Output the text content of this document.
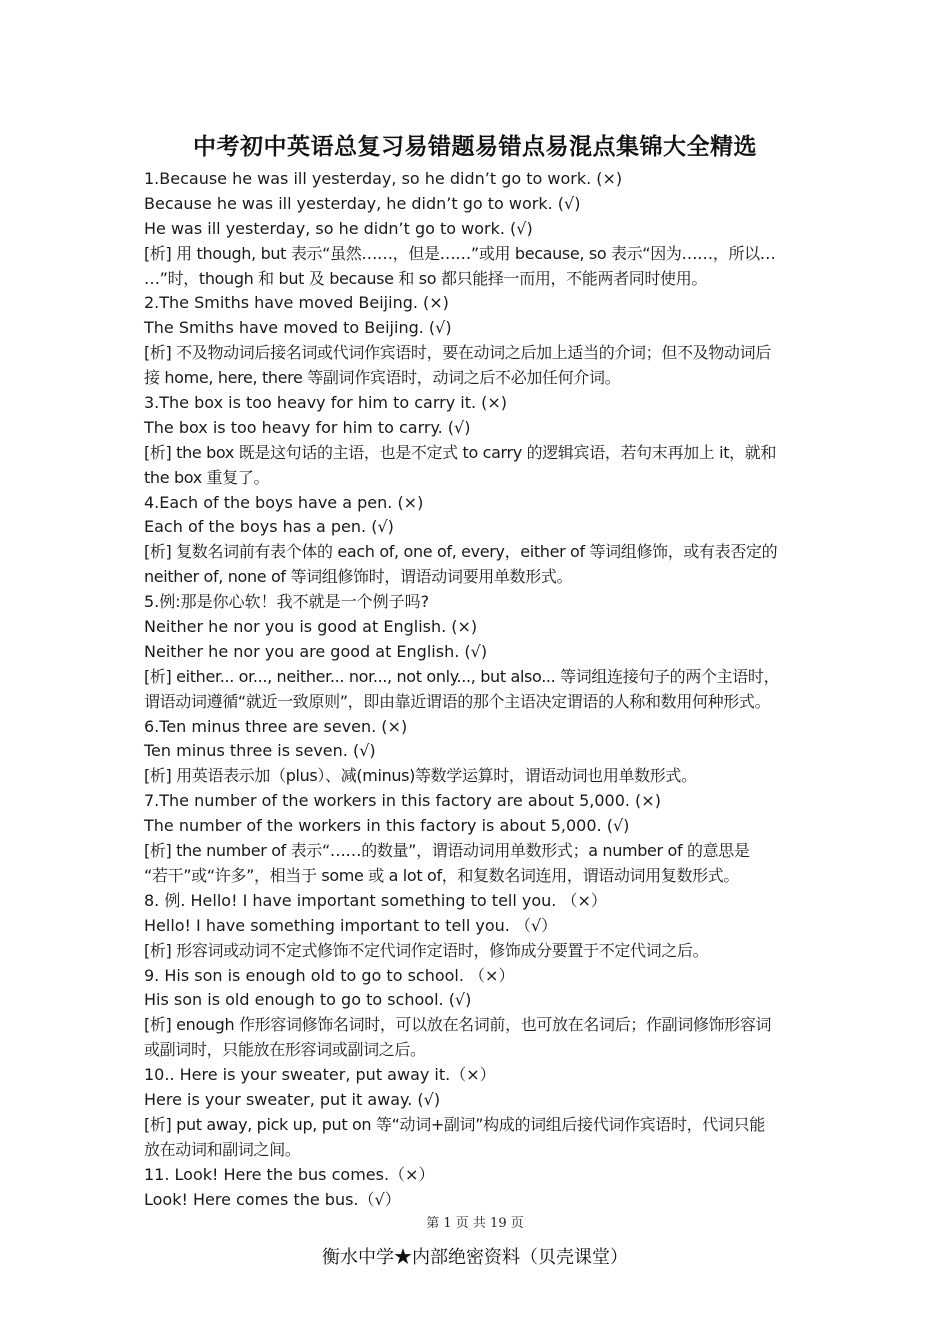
中考初中英语总复习易错题易错点易混点集锦大全精选
1.Because he was ill yesterday, so he didn’t go to work. (×)
Because he was ill yesterday, he didn’t go to work. (√)
He was ill yesterday, so he didn’t go to work. (√)
[析] 用 though, but 表示“虽然……，但是……”或用 because, so 表示“因为……，所以…
…”时，though 和 but 及 because 和 so 都只能择一而用，不能两者同时使用。
2.The Smiths have moved Beijing. (×)
The Smiths have moved to Beijing. (√)
[析] 不及物动词后接名词或代词作宾语时，要在动词之后加上适当的介词；但不及物动词后
接 home, here, there 等副词作宾语时，动词之后不必加任何介词。
3.The box is too heavy for him to carry it. (×)
The box is too heavy for him to carry. (√)
[析] the box 既是这句话的主语，也是不定式 to carry 的逻辑宾语，若句末再加上 it，就和
the box 重复了。
4.Each of the boys have a pen. (×)
Each of the boys has a pen. (√)
[析] 复数名词前有表个体的 each of, one of, every，either of 等词组修饰，或有表否定的
neither of, none of 等词组修饰时，谓语动词要用单数形式。
5.例:那是你心软！我不就是一个例子吗?
Neither he nor you is good at English. (×)
Neither he nor you are good at English. (√)
[析] either... or..., neither... nor..., not only..., but also... 等词组连接句子的两个主语时，
谓语动词遵循“就近一致原则”，即由靠近谓语的那个主语决定谓语的人称和数用何种形式。
6.Ten minus three are seven. (×)
Ten minus three is seven. (√)
[析] 用英语表示加（plus）、减(minus)等数学运算时，谓语动词也用单数形式。
7.The number of the workers in this factory are about 5,000. (×)
The number of the workers in this factory is about 5,000. (√)
[析] the number of 表示“……的数量”，谓语动词用单数形式；a number of 的意思是
“若干”或“许多”，相当于 some 或 a lot of，和复数名词连用，谓语动词用复数形式。
8. 例. Hello! I have important something to tell you. （×）
Hello! I have something important to tell you. （√）
[析] 形容词或动词不定式修饰不定代词作定语时，修饰成分要置于不定代词之后。
9. His son is enough old to go to school. （×）
His son is old enough to go to school. (√)
[析] enough 作形容词修饰名词时，可以放在名词前，也可放在名词后；作副词修饰形容词
或副词时，只能放在形容词或副词之后。
10.. Here is your sweater, put away it.（×）
Here is your sweater, put it away. (√)
[析] put away, pick up, put on 等“动词+副词”构成的词组后接代词作宾语时，代词只能
放在动词和副词之间。
11. Look! Here the bus comes.（×）
Look! Here comes the bus.（√）
第 1 页 共 19 页
衡水中学★内部绝密资料（贝壳课堂）
